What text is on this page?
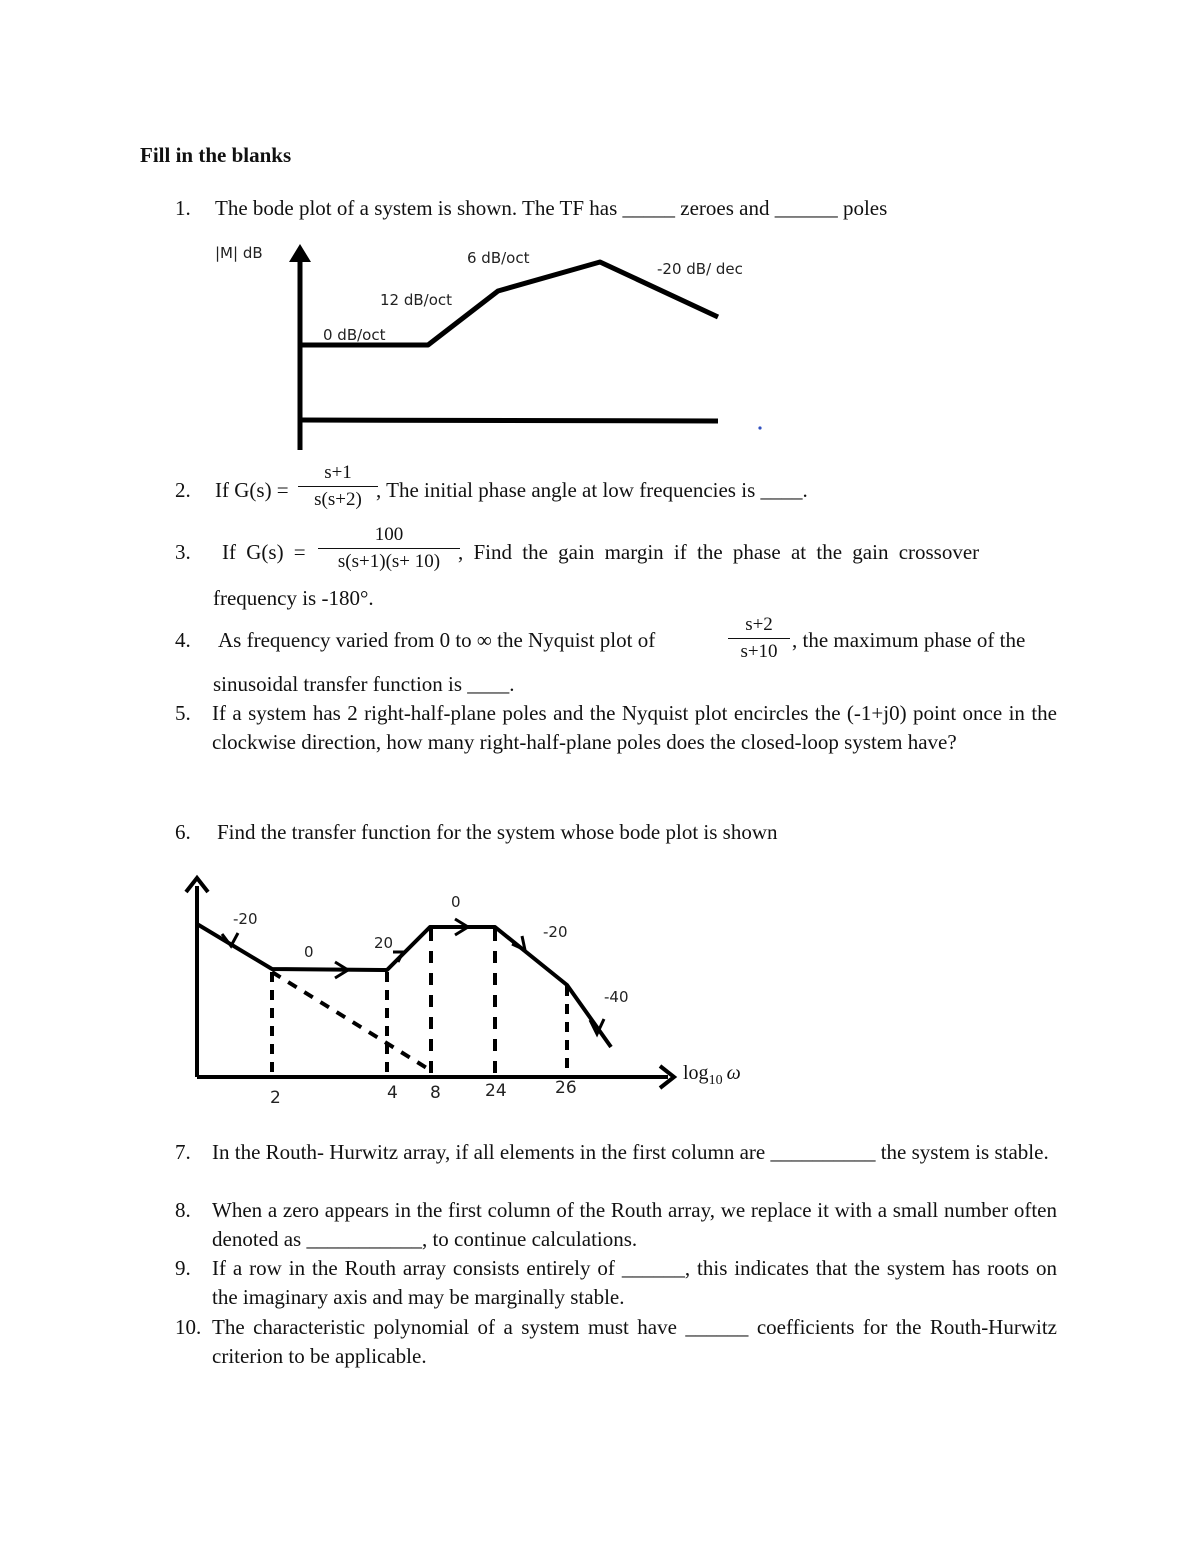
Fill in the blanks
1. The bode plot of a system is shown. The TF has _____ zeroes and ______ poles
|M| dB
0 dB/oct
12 dB/oct
6 dB/oct
-20 dB/ dec
2. If $G(s) = \frac{s+1}{s(s+2)}$
, The initial phase angle at low frequencies is ____.
3. If $G(s) = \frac{100}{s(s+1)(s+ 10)}$
, Find the gain margin if the phase at the gain crossover
frequency is -180°.
4. As frequency varied from 0 to ∞ the Nyquist plot of	$\frac{s+2}{s+10}$ , the maximum phase of the
sinusoidal transfer function is ____.
5. If a system has 2 right-half-plane poles and the Nyquist plot encircles the (-1+j0) point once in the clockwise direction, how many right-half-plane poles does the closed-loop system have?
6. Find the transfer function for the system whose bode plot is shown
-20
0	20
0
-20
-40
2	4 8	24	26
$\log_{10} \omega$
7. In the Routh- Hurwitz array, if all elements in the first column are __________ the system is stable.
8. When a zero appears in the first column of the Routh array, we replace it with a small number often denoted as ___________, to continue calculations.
9. If a row in the Routh array consists entirely of ______, this indicates that the system has roots on the imaginary axis and may be marginally stable.
10. The characteristic polynomial of a system must have ______ coefficients for the Routh-Hurwitz criterion to be applicable.
